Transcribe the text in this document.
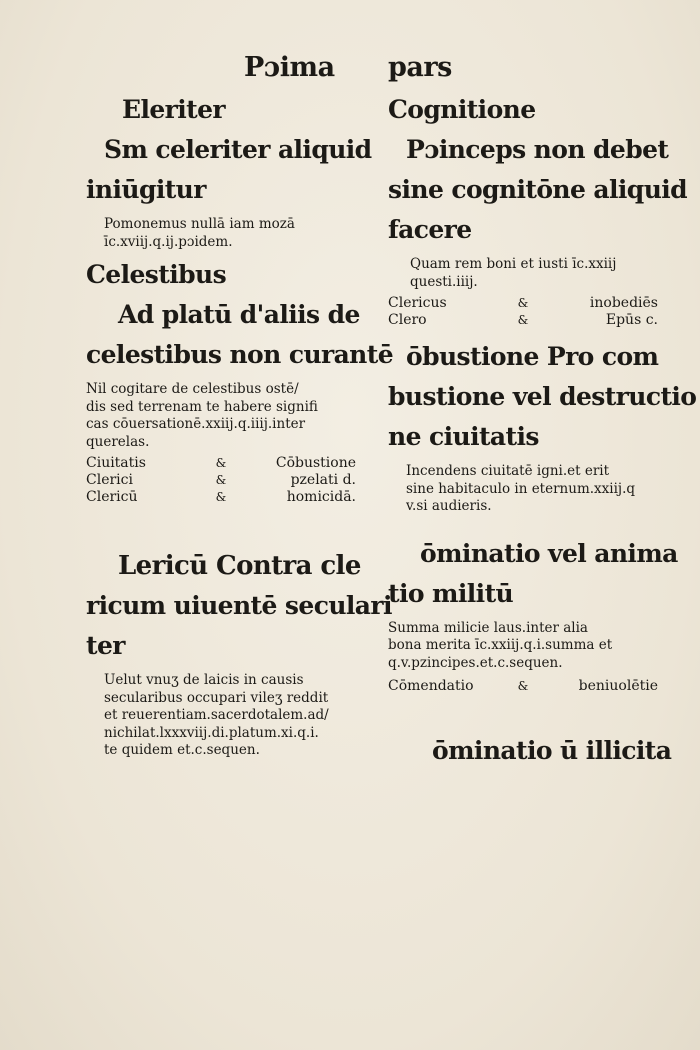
Pɔima pars
Eleriter
Sm celeriter aliquid
iniūgitur
Pomonemus nullā iam mozā
īc.xviij.q.ij.pɔidem.
Celestibus
Ad platū d'aliis de
celestibus non curantē
Nil cogitare de celestibus ostē/
dis sed terrenam te habere signifi
cas cōuersationē.xxiij.q.iiij.inter
querelas.
Ciuitatis	&	Cōbustione
Clerici	&	pzelati d.
Clericū	&	homicidā.
Lericū Contra cle
ricum uiuentē seculari
ter
Uelut vnuʒ de laicis in causis
secularibus occupari vileʒ reddit
et reuerentiam.sacerdotalem.ad/
nichilat.lxxxviij.di.platum.xi.q.i.
te quidem et.c.sequen.
Cognitione
Pɔinceps non debet
sine cognitōne aliquid
facere
Quam rem boni et iusti īc.xxiij
questi.iiij.
Clericus	&	inobediēs
Clero	&	Epūs c.
ōbustione Pro com
bustione vel destructio
ne ciuitatis
Incendens ciuitatē igni.et erit
sine habitaculo in eternum.xxiij.q
v.si audieris.
ōminatio vel anima
tio militū
Summa milicie laus.inter alia
bona merita īc.xxiij.q.i.summa et
q.v.pzincipes.et.c.sequen.
Cōmendatio	&	beniuolētie
ōminatio ū illicita
